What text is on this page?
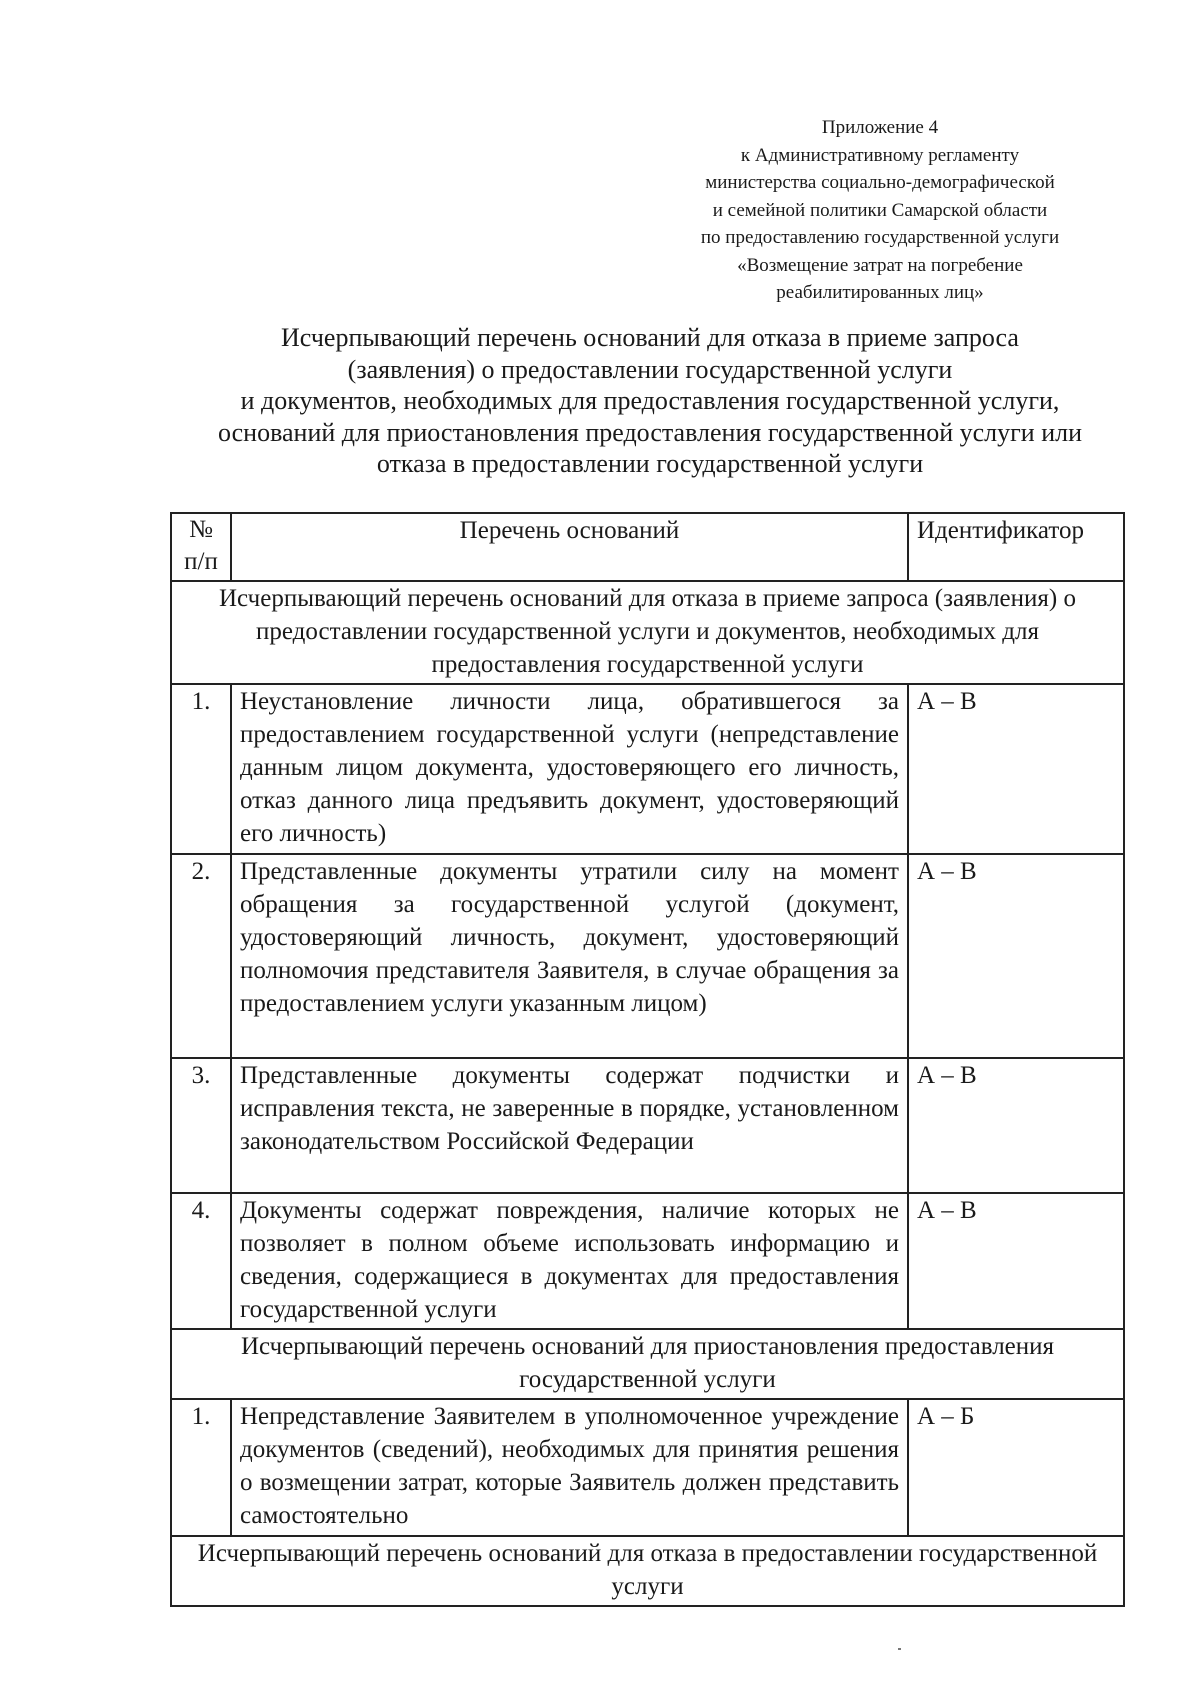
Приложение 4
к Административному регламенту
министерства социально-демографической
и семейной политики Самарской области
по предоставлению государственной услуги
«Возмещение затрат на погребение
реабилитированных лиц»
Исчерпывающий перечень оснований для отказа в приеме запроса
(заявления) о предоставлении государственной услуги
и документов, необходимых для предоставления государственной услуги,
оснований для приостановления предоставления государственной услуги или
отказа в предоставлении государственной услуги
№ п/п	Перечень оснований	Идентификатор
Исчерпывающий перечень оснований для отказа в приеме запроса (заявления) о предоставлении государственной услуги и документов, необходимых для предоставления государственной услуги		
1.	Неустановление личности лица, обратившегося за предоставлением государственной услуги (непредставление данным лицом документа, удостоверяющего его личность, отказ данного лица предъявить документ, удостоверяющий его личность)	А – В
2.	Представленные документы утратили силу на момент обращения за государственной услугой (документ, удостоверяющий личность, документ, удостоверяющий полномочия представителя Заявителя, в случае обращения за предоставлением услуги указанным лицом)	А – В
3.	Представленные документы содержат подчистки и исправления текста, не заверенные в порядке, установленном законодательством Российской Федерации	А – В
4.	Документы содержат повреждения, наличие которых не позволяет в полном объеме использовать информацию и сведения, содержащиеся в документах для предоставления государственной услуги	А – В
Исчерпывающий перечень оснований для приостановления предоставления государственной услуги		
1.	Непредставление Заявителем в уполномоченное учреждение документов (сведений), необходимых для принятия решения о возмещении затрат, которые Заявитель должен представить самостоятельно	А – Б
Исчерпывающий перечень оснований для отказа в предоставлении государственной услуги		
